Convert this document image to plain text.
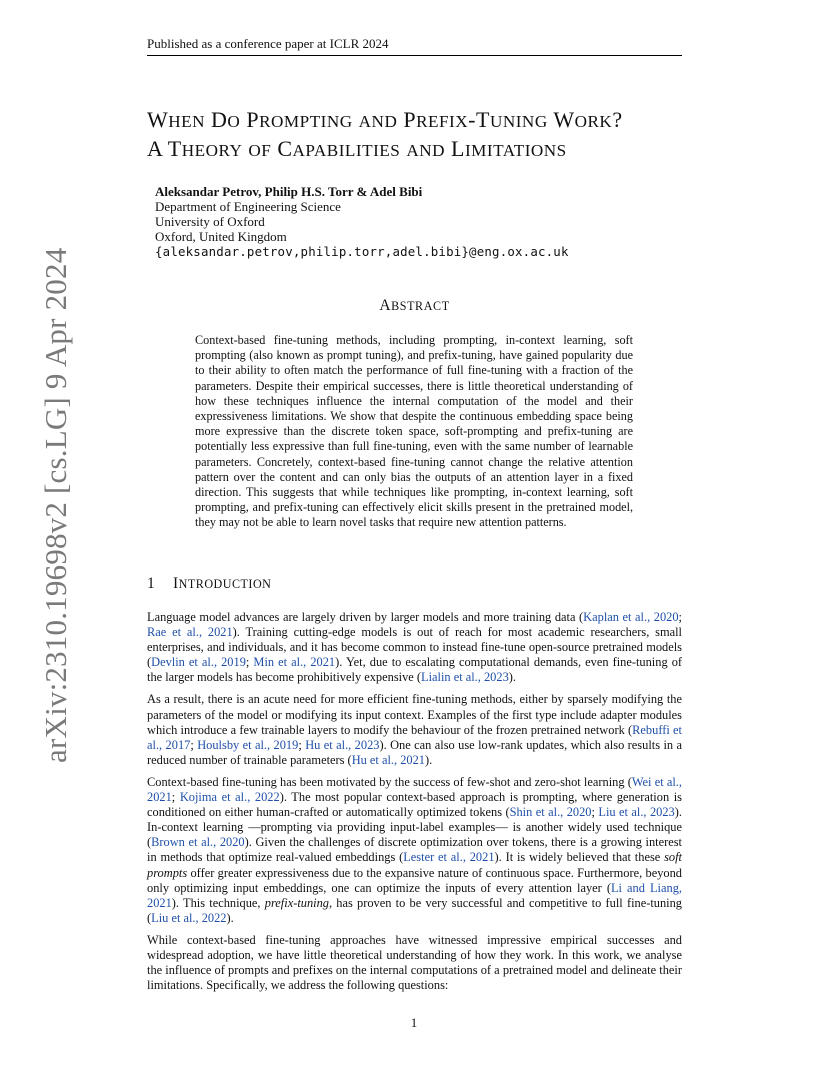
Published as a conference paper at ICLR 2024
arXiv:2310.19698v2 [cs.LG] 9 Apr 2024
WHEN DO PROMPTING AND PREFIX-TUNING WORK?
A THEORY OF CAPABILITIES AND LIMITATIONS
Aleksandar Petrov, Philip H.S. Torr & Adel Bibi
Department of Engineering Science
University of Oxford
Oxford, United Kingdom
{aleksandar.petrov,philip.torr,adel.bibi}@eng.ox.ac.uk
ABSTRACT
Context-based fine-tuning methods, including prompting, in-context learning, soft prompting (also known as prompt tuning), and prefix-tuning, have gained popularity due to their ability to often match the performance of full fine-tuning with a fraction of the parameters. Despite their empirical successes, there is little theoretical understanding of how these techniques influence the internal computation of the model and their expressiveness limitations. We show that despite the continuous embedding space being more expressive than the discrete token space, soft-prompting and prefix-tuning are potentially less expressive than full fine-tuning, even with the same number of learnable parameters. Concretely, context-based fine-tuning cannot change the relative attention pattern over the content and can only bias the outputs of an attention layer in a fixed direction. This suggests that while techniques like prompting, in-context learning, soft prompting, and prefix-tuning can effectively elicit skills present in the pretrained model, they may not be able to learn novel tasks that require new attention patterns.
1 INTRODUCTION

Language model advances are largely driven by larger models and more training data (Kaplan et al., 2020; Rae et al., 2021). Training cutting-edge models is out of reach for most academic researchers, small enterprises, and individuals, and it has become common to instead fine-tune open-source pretrained models (Devlin et al., 2019; Min et al., 2021). Yet, due to escalating computational demands, even fine-tuning of the larger models has become prohibitively expensive (Lialin et al., 2023).

As a result, there is an acute need for more efficient fine-tuning methods, either by sparsely modifying the parameters of the model or modifying its input context. Examples of the first type include adapter modules which introduce a few trainable layers to modify the behaviour of the frozen pretrained network (Rebuffi et al., 2017; Houlsby et al., 2019; Hu et al., 2023). One can also use low-rank updates, which also results in a reduced number of trainable parameters (Hu et al., 2021).

Context-based fine-tuning has been motivated by the success of few-shot and zero-shot learning (Wei et al., 2021; Kojima et al., 2022). The most popular context-based approach is prompting, where generation is conditioned on either human-crafted or automatically optimized tokens (Shin et al., 2020; Liu et al., 2023). In-context learning —prompting via providing input-label examples— is another widely used technique (Brown et al., 2020). Given the challenges of discrete optimization over tokens, there is a growing interest in methods that optimize real-valued embeddings (Lester et al., 2021). It is widely believed that these soft prompts offer greater expressiveness due to the expansive nature of continuous space. Furthermore, beyond only optimizing input embeddings, one can optimize the inputs of every attention layer (Li and Liang, 2021). This technique, prefix-tuning, has proven to be very successful and competitive to full fine-tuning (Liu et al., 2022).

While context-based fine-tuning approaches have witnessed impressive empirical successes and widespread adoption, we have little theoretical understanding of how they work. In this work, we analyse the influence of prompts and prefixes on the internal computations of a pretrained model and delineate their limitations. Specifically, we address the following questions:

1
